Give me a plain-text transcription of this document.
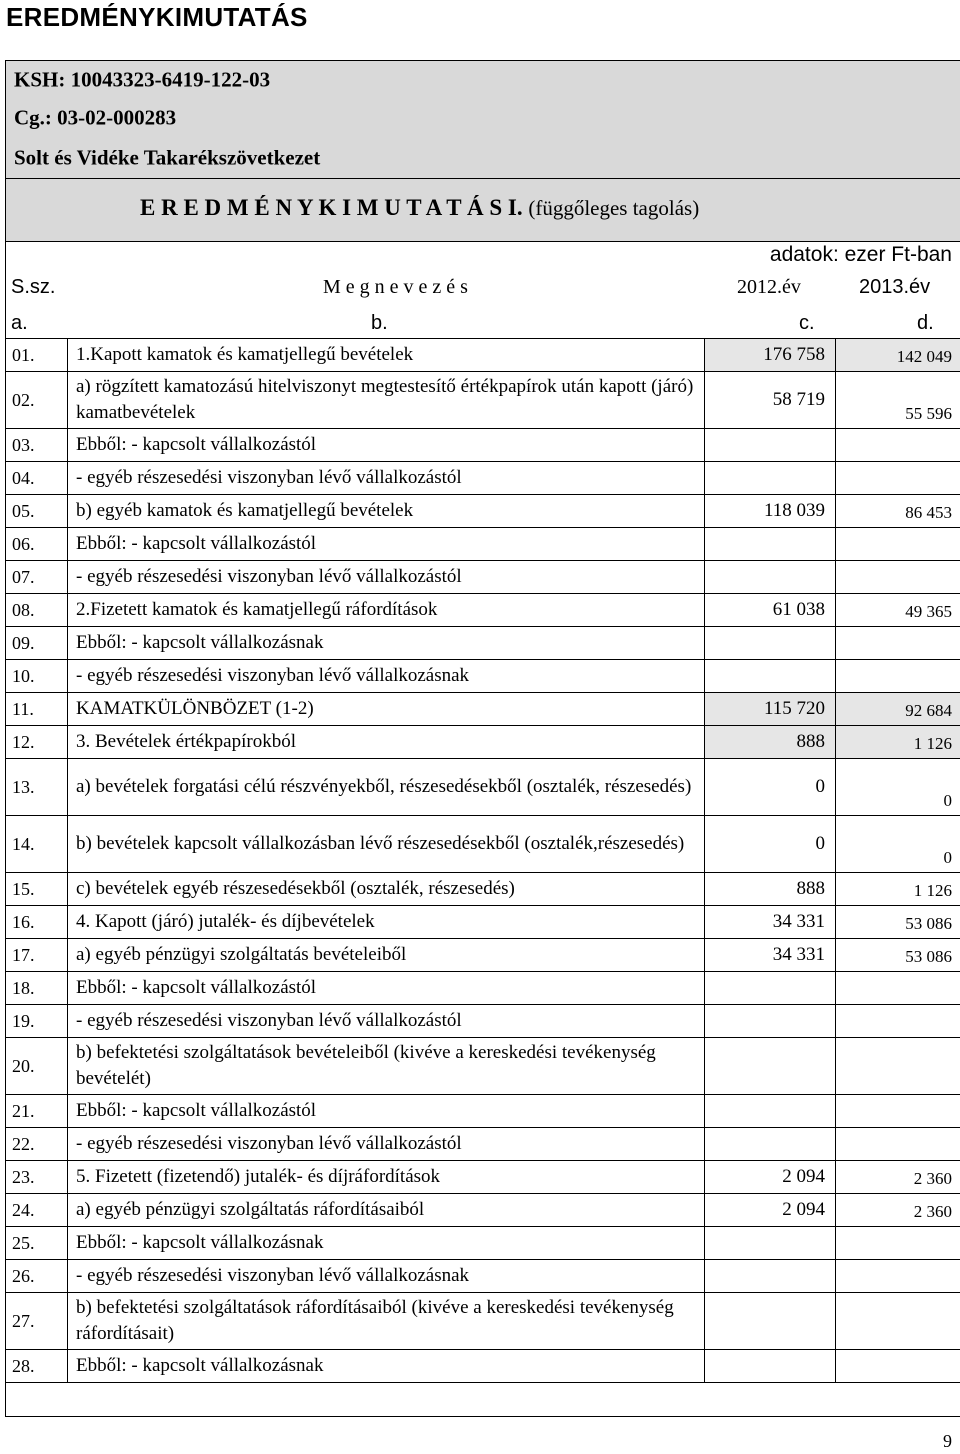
EREDMÉNYKIMUTATÁS
KSH: 10043323-6419-122-03
Cg.: 03-02-000283
Solt és Vidéke Takarékszövetkezet
E R E D M É N Y K I M U T A T Á S I. (függőleges tagolás)
adatok: ezer Ft-ban
S.sz.	M e g n e v e z é s	2012.év	2013.év
a.	b.	c.	d.
01.	1.Kapott kamatok és kamatjellegű bevételek	176 758	142 049
02.	a) rögzített kamatozású hitelviszonyt megtestesítő értékpapírok után kapott (járó) kamatbevételek	58 719	55 596
03.	Ebből: - kapcsolt vállalkozástól		
04.	- egyéb részesedési viszonyban lévő vállalkozástól		
05.	b) egyéb kamatok és kamatjellegű bevételek	118 039	86 453
06.	Ebből: - kapcsolt vállalkozástól		
07.	- egyéb részesedési viszonyban lévő vállalkozástól		
08.	2.Fizetett kamatok és kamatjellegű ráfordítások	61 038	49 365
09.	Ebből: - kapcsolt vállalkozásnak		
10.	- egyéb részesedési viszonyban lévő vállalkozásnak		
11.	KAMATKÜLÖNBÖZET (1-2)	115 720	92 684
12.	3. Bevételek értékpapírokból	888	1 126
13.	a) bevételek forgatási célú részvényekből, részesedésekből (osztalék, részesedés)	0	0
14.	b) bevételek kapcsolt vállalkozásban lévő részesedésekből (osztalék,részesedés)	0	0
15.	c) bevételek egyéb részesedésekből (osztalék, részesedés)	888	1 126
16.	4. Kapott (járó) jutalék- és díjbevételek	34 331	53 086
17.	a) egyéb pénzügyi szolgáltatás bevételeiből	34 331	53 086
18.	Ebből: - kapcsolt vállalkozástól		
19.	- egyéb részesedési viszonyban lévő vállalkozástól		
20.	b) befektetési szolgáltatások bevételeiből (kivéve a kereskedési tevékenység bevételét)		
21.	Ebből: - kapcsolt vállalkozástól		
22.	- egyéb részesedési viszonyban lévő vállalkozástól		
23.	5. Fizetett (fizetendő) jutalék- és díjráfordítások	2 094	2 360
24.	a) egyéb pénzügyi szolgáltatás ráfordításaiból	2 094	2 360
25.	Ebből: - kapcsolt vállalkozásnak		
26.	- egyéb részesedési viszonyban lévő vállalkozásnak		
27.	b) befektetési szolgáltatások ráfordításaiból (kivéve a kereskedési tevékenység ráfordításait)		
28.	Ebből: - kapcsolt vállalkozásnak		
9
